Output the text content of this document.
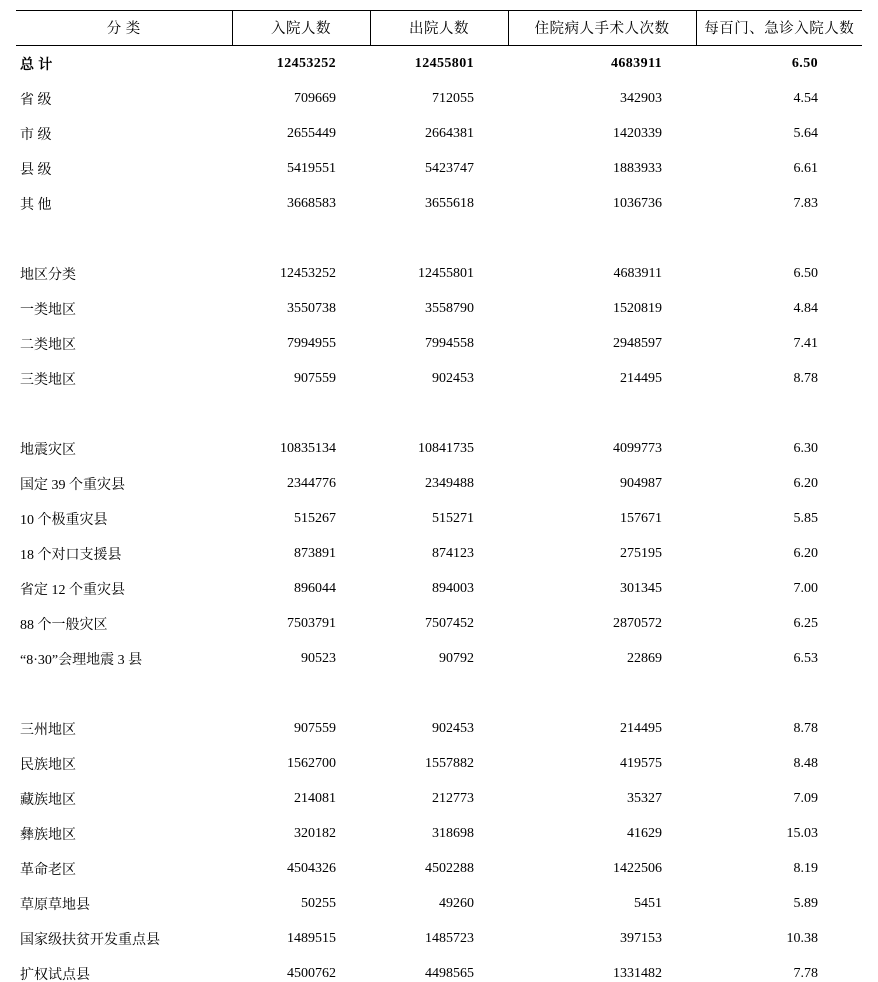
分 类	入院人数	出院人数	住院病人手术人次数	每百门、急诊入院人数
总 计	12453252	12455801	4683911	6.50
省 级	709669	712055	342903	4.54
市 级	2655449	2664381	1420339	5.64
县 级	5419551	5423747	1883933	6.61
其 他	3668583	3655618	1036736	7.83

地区分类	12453252	12455801	4683911	6.50
一类地区	3550738	3558790	1520819	4.84
二类地区	7994955	7994558	2948597	7.41
三类地区	907559	902453	214495	8.78

地震灾区	10835134	10841735	4099773	6.30
国定 39 个重灾县	2344776	2349488	904987	6.20
10 个极重灾县	515267	515271	157671	5.85
18 个对口支援县	873891	874123	275195	6.20
省定 12 个重灾县	896044	894003	301345	7.00
88 个一般灾区	7503791	7507452	2870572	6.25
“8·30”会理地震 3 县	90523	90792	22869	6.53

三州地区	907559	902453	214495	8.78
民族地区	1562700	1557882	419575	8.48
藏族地区	214081	212773	35327	7.09
彝族地区	320182	318698	41629	15.03
革命老区	4504326	4502288	1422506	8.19
草原草地县	50255	49260	5451	5.89
国家级扶贫开发重点县	1489515	1485723	397153	10.38
扩权试点县	4500762	4498565	1331482	7.78
